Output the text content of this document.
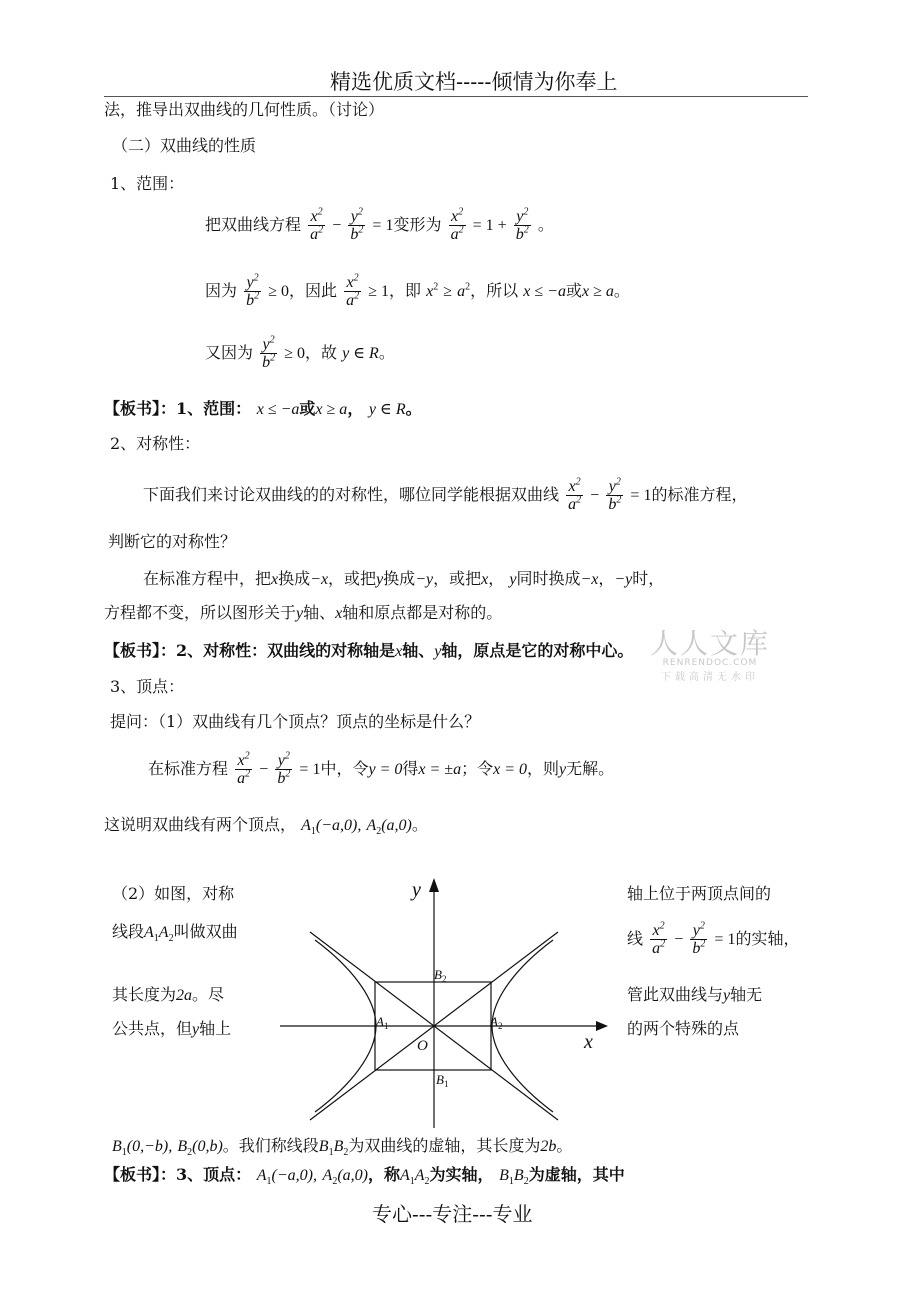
精选优质文档-----倾情为你奉上
法，推导出双曲线的几何性质。（讨论）
（二）双曲线的性质
1、范围：
把双曲线方程 $\frac{x^2}{a^2} - \frac{y^2}{b^2} = 1$变形为 $\frac{x^2}{a^2} = 1 + \frac{y^2}{b^2}$ 。
因为 $\frac{y^2}{b^2} \ge 0$，因此 $\frac{x^2}{a^2} \ge 1$，即 $x^2 \ge a^2$，所以 x ≤ −a或x ≥ a。
又因为 $\frac{y^2}{b^2} \ge 0$，故 y ∈ R。
【板书】：1、范围： x ≤ −a或x ≥ a， y ∈ R。
2、对称性：
下面我们来讨论双曲线的的对称性，哪位同学能根据双曲线 $\frac{x^2}{a^2} - \frac{y^2}{b^2} = 1$的标准方程，
判断它的对称性？
在标准方程中，把x换成−x，或把y换成−y，或把x， y同时换成−x，−y时，
方程都不变，所以图形关于y轴、x轴和原点都是对称的。
人人文库
RENRENDOC.COM
下载高清无水印
【板书】：2、对称性：双曲线的对称轴是x轴、y轴，原点是它的对称中心。
3、顶点：
提问：（1）双曲线有几个顶点？顶点的坐标是什么？
在标准方程 $\frac{x^2}{a^2} - \frac{y^2}{b^2} = 1$中，令y = 0得x = ±a；令x = 0，则y无解。
这说明双曲线有两个顶点， $A_1(-a,0)$, $A_2(a,0)$。
（2）如图，对称
线段$A_1A_2$叫做双曲
其长度为2a。尽
公共点，但y轴上
轴上位于两顶点间的
线 $\frac{x^2}{a^2} - \frac{y^2}{b^2} = 1$的实轴，
管此双曲线与y轴无
的两个特殊的点
y
x
O
$A_1$	$A_2$
$B_2$
$B_1$
$B_1(0,-b)$, $B_2(0,b)$。我们称线段$B_1B_2$为双曲线的虚轴，其长度为2b。
【板书】：3、顶点： $A_1(-a,0)$, $A_2(a,0)$，称$A_1A_2$为实轴， $B_1B_2$为虚轴，其中
专心---专注---专业
